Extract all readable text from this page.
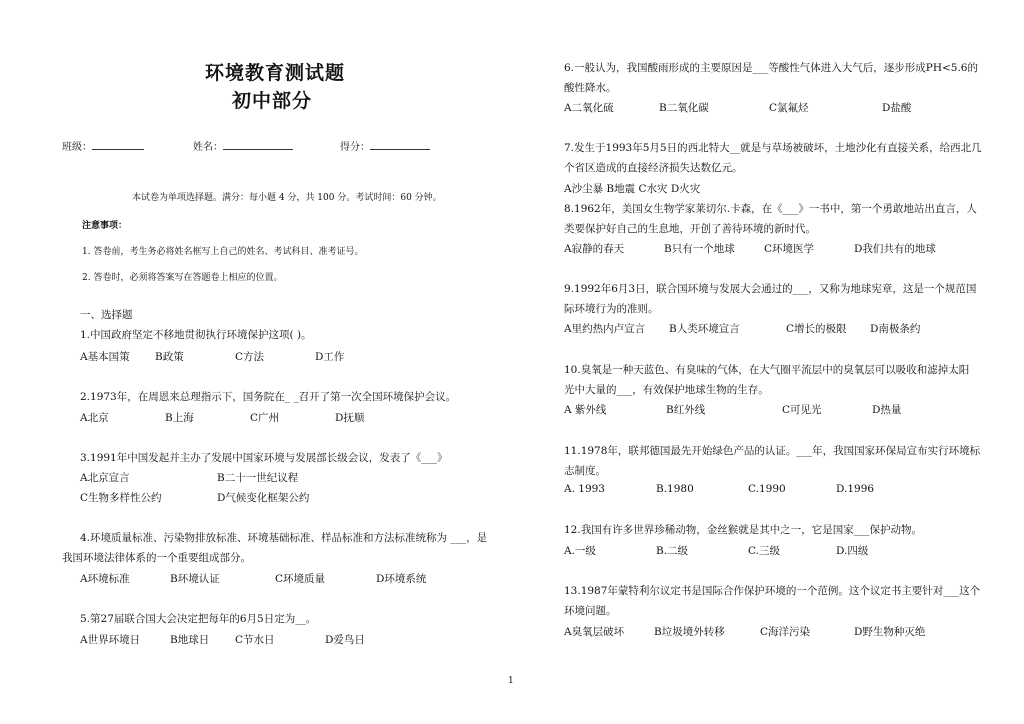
环境教育测试题
初中部分
班级：	姓名：	得分：
本试卷为单项选择题。满分：每小题 4 分，共 100 分。考试时间：60 分钟。
注意事项：
1. 答卷前，考生务必将姓名框写上自己的姓名、考试科目、准考证号。
2. 答卷时，必须将答案写在答题卷上相应的位置。
一、选择题
1.中国政府坚定不移地贯彻执行环境保护这项( )。
A基本国策 B政策	C方法	D工作
2.1973年，在周恩来总理指示下，国务院在_ _召开了第一次全国环境保护会议。
A北京	B上海	C广州	D抚顺
3.1991年中国发起并主办了发展中国家环境与发展部长级会议，发表了《___》
A北京宣言	B二十一世纪议程
C生物多样性公约	D气候变化框架公约
4.环境质量标准、污染物排放标准、环境基础标准、样品标准和方法标准统称为 ___，是
我国环境法律体系的一个重要组成部分。
A环境标准	B环境认证	C环境质量	D环境系统
5.第27届联合国大会决定把每年的6月5日定为__。
A世界环境日	B地球日 C节水日	D爱鸟日
6.一般认为，我国酸雨形成的主要原因是___等酸性气体进入大气后，逐步形成PH<5.6的
酸性降水。
A二氧化硫	B二氧化碳	C氯氟烃	D盐酸
7.发生于1993年5月5日的西北特大__就是与草场被破坏，土地沙化有直接关系，给西北几
个省区造成的直接经济损失达数亿元。
A沙尘暴 B地震 C水灾 D火灾
8.1962年，美国女生物学家莱切尔.卡森，在《___》一书中，第一个勇敢地站出直言，人
类要保护好自己的生息地，开创了善待环境的新时代。
A寂静的春天	B只有一个地球	C环境医学	D我们共有的地球
9.1992年6月3日，联合国环境与发展大会通过的___，又称为地球宪章，这是一个规范国
际环境行为的准则。
A里约热内卢宣言 B人类环境宣言	C增长的极限 D南极条约
10.臭氧是一种天蓝色、有臭味的气体，在大气圈平流层中的臭氧层可以吸收和滤掉太阳
光中大量的___，有效保护地球生物的生存。
A 紫外线	B红外线	C可见光	D热量
11.1978年，联邦德国最先开始绿色产品的认证。___年，我国国家环保局宣布实行环境标
志制度。
A. 1993	B.1980	C.1990	D.1996
12.我国有许多世界珍稀动物，金丝猴就是其中之一，它是国家___保护动物。
A.一级	B.二级	C.三级	D.四级
13.1987年蒙特利尔议定书是国际合作保护环境的一个范例。这个议定书主要针对___这个
环境问题。
A臭氧层破坏	B垃圾境外转移	C海洋污染	D野生物种灭绝
1
